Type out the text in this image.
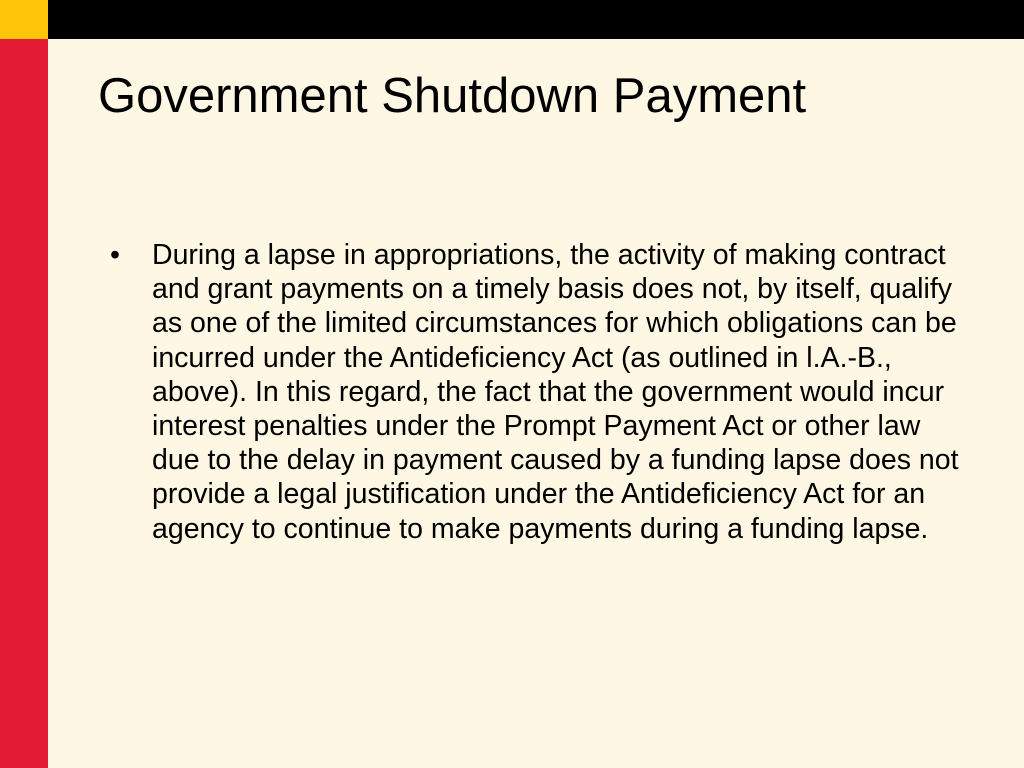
Government Shutdown Payment
• During a lapse in appropriations, the activity of making contract and grant payments on a timely basis does not, by itself, qualify as one of the limited circumstances for which obligations can be incurred under the Antideficiency Act (as outlined in l.A.-B., above). In this regard, the fact that the government would incur interest penalties under the Prompt Payment Act or other law due to the delay in payment caused by a funding lapse does not provide a legal justification under the Antideficiency Act for an agency to continue to make payments during a funding lapse.
